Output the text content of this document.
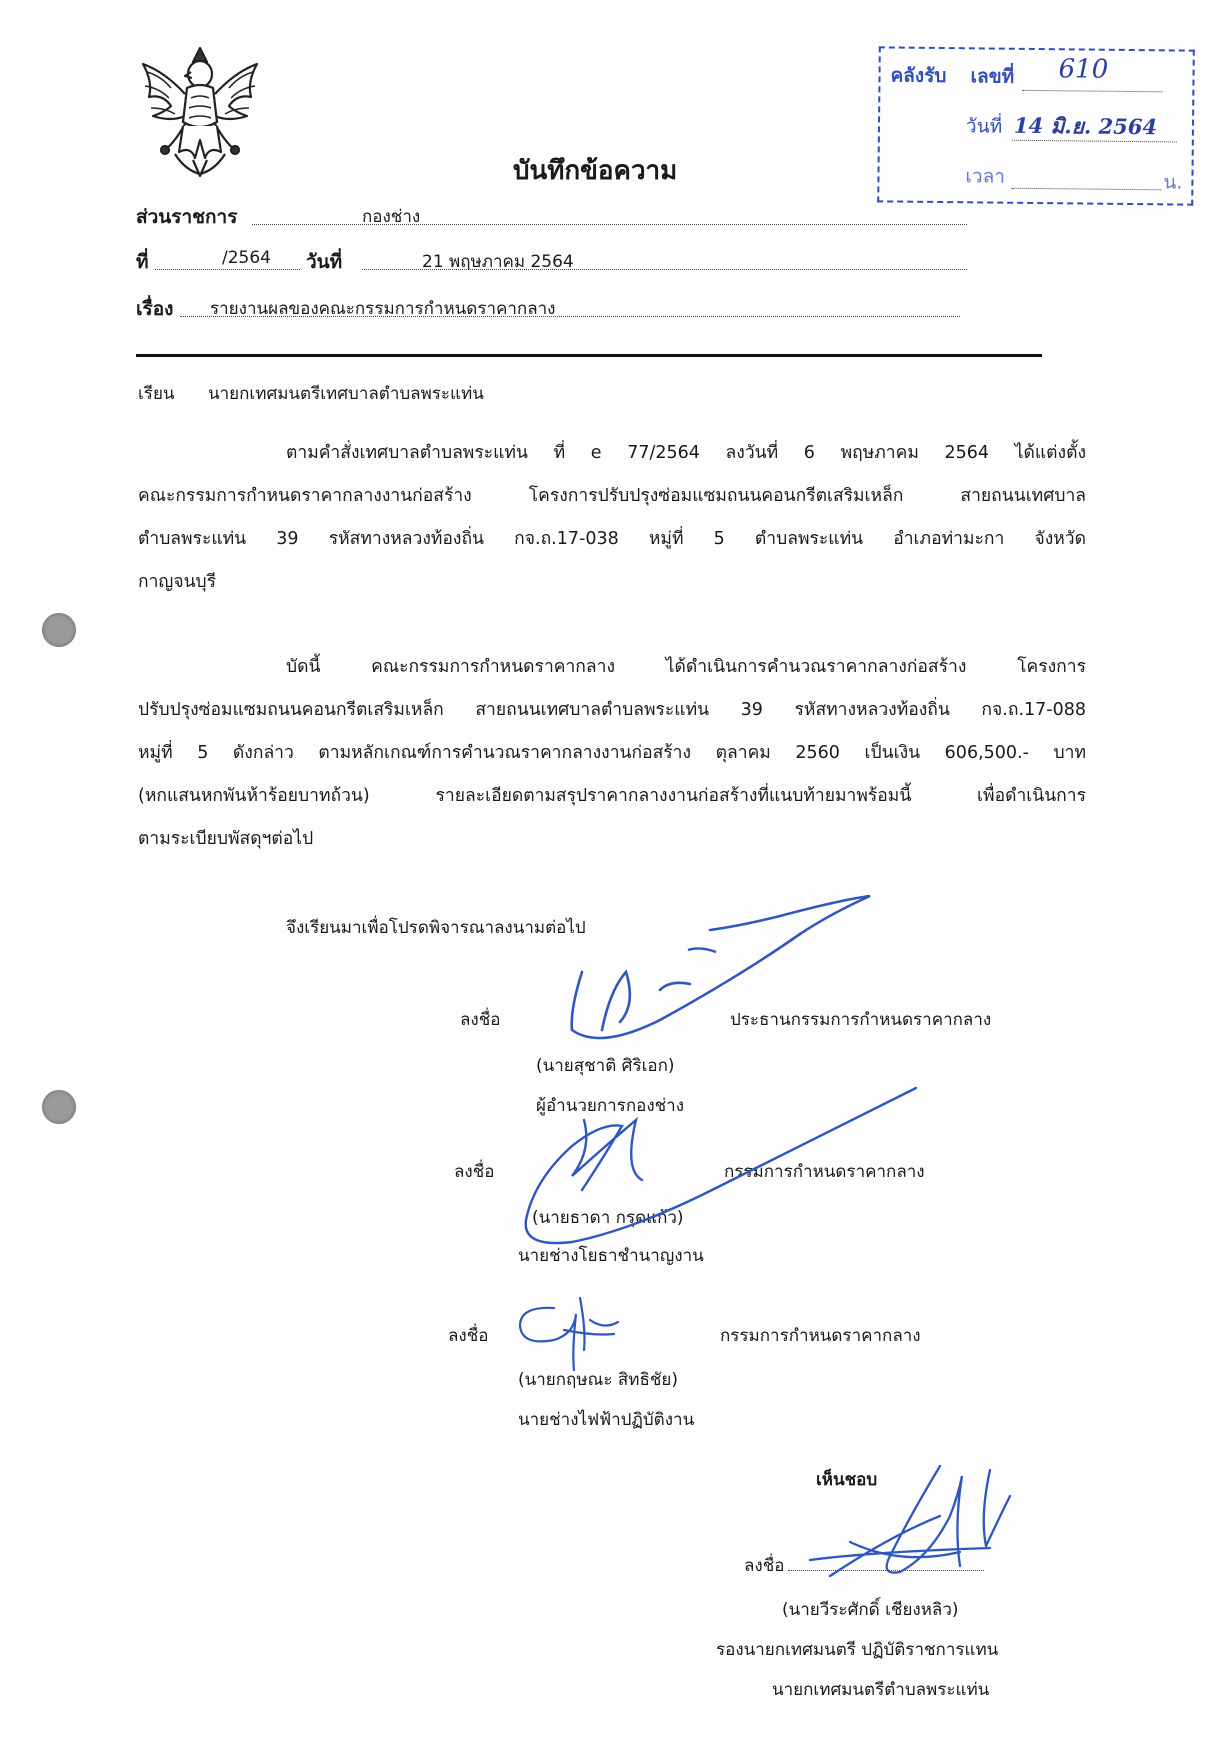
คลังรับ เลขที่ 610
วันที่ 14 มิ.ย. 2564
เวลา	น.
บันทึกข้อความ
ส่วนราชการ	กองช่าง
ที่	/2564 วันที่	21 พฤษภาคม 2564
เรื่อง รายงานผลของคณะกรรมการกำหนดราคากลาง
เรียน นายกเทศมนตรีเทศบาลตำบลพระแท่น
ตามคำสั่งเทศบาลตำบลพระแท่น ที่ e 77/2564 ลงวันที่ 6 พฤษภาคม 2564 ได้แต่งตั้ง
คณะกรรมการกำหนดราคากลางงานก่อสร้าง โครงการปรับปรุงซ่อมแซมถนนคอนกรีตเสริมเหล็ก สายถนนเทศบาล
ตำบลพระแท่น 39 รหัสทางหลวงท้องถิ่น กจ.ถ.17-038 หมู่ที่ 5 ตำบลพระแท่น อำเภอท่ามะกา จังหวัด
กาญจนบุรี
บัดนี้ คณะกรรมการกำหนดราคากลาง ได้ดำเนินการคำนวณราคากลางก่อสร้าง โครงการ
ปรับปรุงซ่อมแซมถนนคอนกรีตเสริมเหล็ก สายถนนเทศบาลตำบลพระแท่น 39 รหัสทางหลวงท้องถิ่น กจ.ถ.17-088
หมู่ที่ 5 ดังกล่าว ตามหลักเกณฑ์การคำนวณราคากลางงานก่อสร้าง ตุลาคม 2560 เป็นเงิน 606,500.- บาท
(หกแสนหกพันห้าร้อยบาทถ้วน) รายละเอียดตามสรุปราคากลางงานก่อสร้างที่แนบท้ายมาพร้อมนี้ เพื่อดำเนินการ
ตามระเบียบพัสดุฯต่อไป
จึงเรียนมาเพื่อโปรดพิจารณาลงนามต่อไป
ลงชื่อ	ประธานกรรมการกำหนดราคากลาง
(นายสุชาติ ศิริเอก)
ผู้อำนวยการกองช่าง
ลงชื่อ	กรรมการกำหนดราคากลาง
(นายธาดา กรุดแก้ว)
นายช่างโยธาชำนาญงาน
ลงชื่อ	กรรมการกำหนดราคากลาง
(นายกฤษณะ สิทธิชัย)
นายช่างไฟฟ้าปฏิบัติงาน
เห็นชอบ
ลงชื่อ
(นายวีระศักดิ์ เชียงหลิว)
รองนายกเทศมนตรี ปฏิบัติราชการแทน
นายกเทศมนตรีตำบลพระแท่น
